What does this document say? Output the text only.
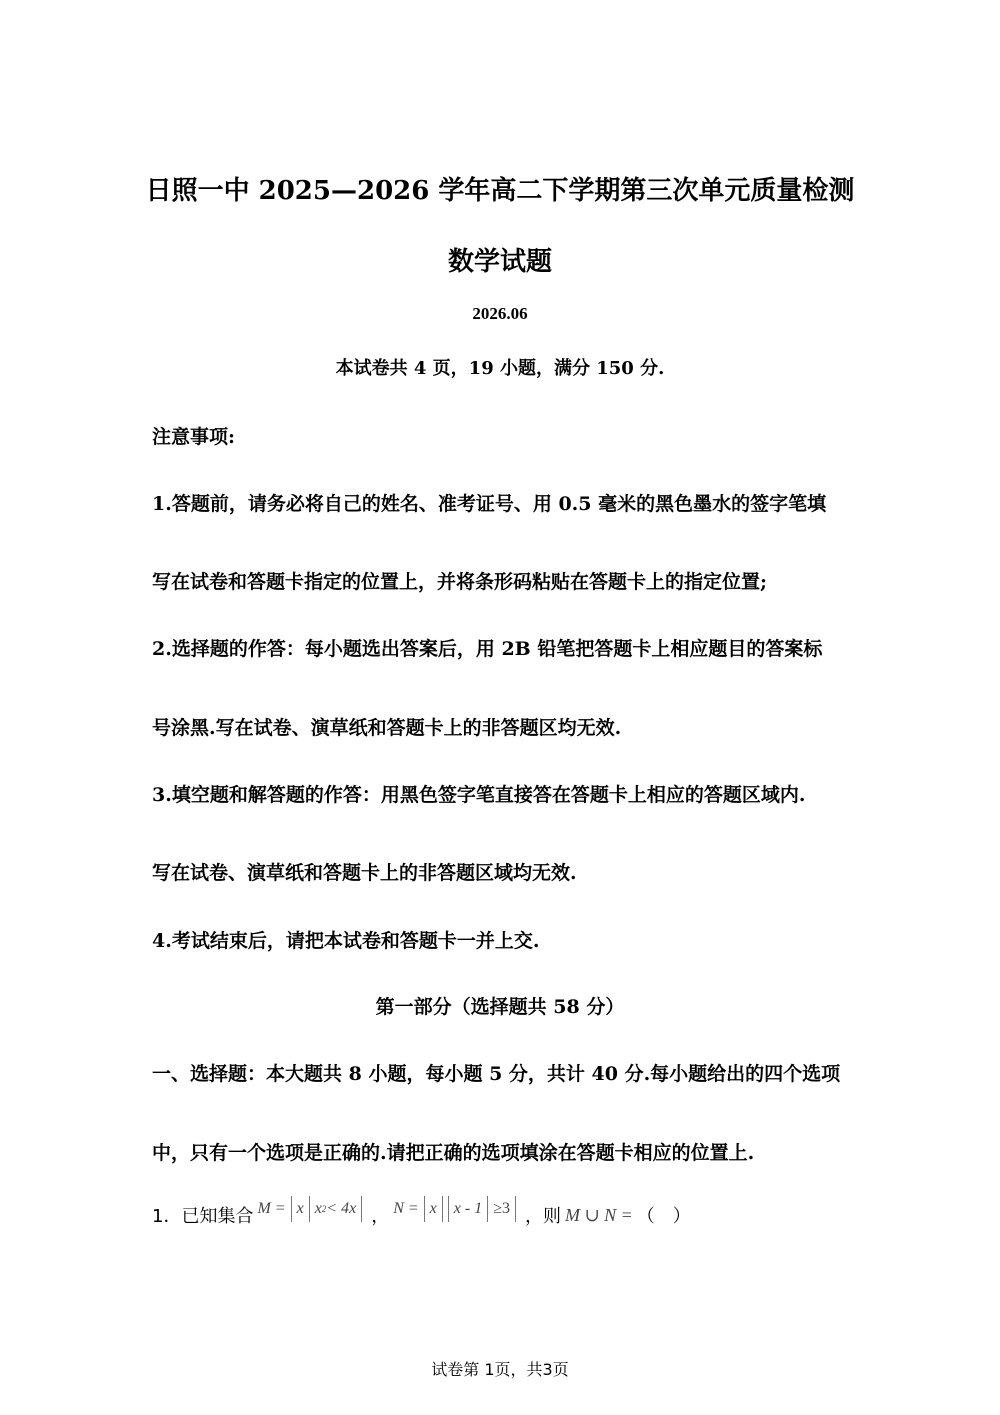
日照一中 2025—2026 学年高二下学期第三次单元质量检测
数学试题
2026.06
本试卷共 4 页，19 小题，满分 150 分.
注意事项:
1.答题前，请务必将自己的姓名、准考证号、用 0.5 毫米的黑色墨水的签字笔填
写在试卷和答题卡指定的位置上，并将条形码粘贴在答题卡上的指定位置;
2.选择题的作答：每小题选出答案后，用 2B 铅笔把答题卡上相应题目的答案标
号涂黑.写在试卷、演草纸和答题卡上的非答题区均无效.
3.填空题和解答题的作答：用黑色签字笔直接答在答题卡上相应的答题区域内.
写在试卷、演草纸和答题卡上的非答题区域均无效.
4.考试结束后，请把本试卷和答题卡一并上交.
第一部分（选择题共 58 分）
一、选择题：本大题共 8 小题，每小题 5 分，共计 40 分.每小题给出的四个选项
中，只有一个选项是正确的.请把正确的选项填涂在答题卡相应的位置上.
1．已知集合 M = x x 2 < 4x ， N = x x - 1 ≥3 ，则 M ∪ N = （　）
试卷第 1页，共3页
